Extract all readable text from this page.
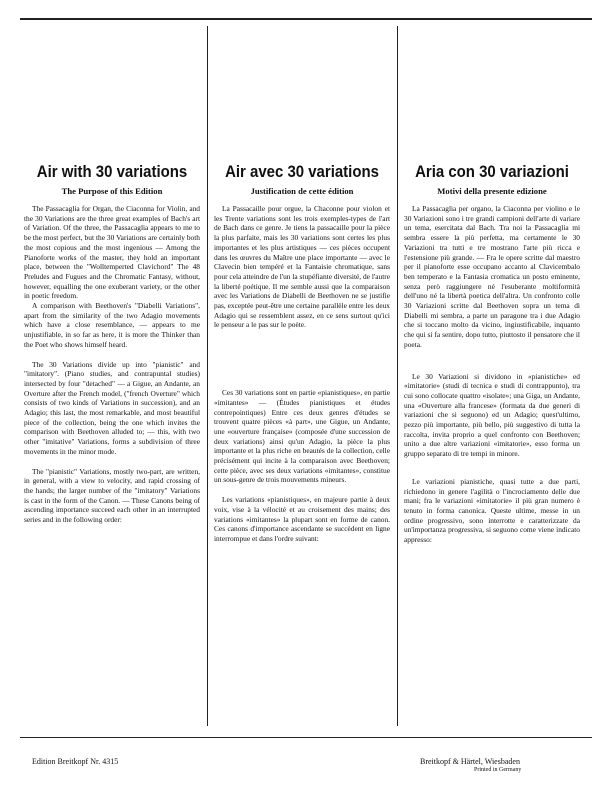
Air with 30 variations
The Purpose of this Edition

The Passacaglia for Organ, the Ciaconna for Violin, and the 30 Variations are the three great examples of Bach's art of Variation. Of the three, the Passacaglia appears to me to be the most perfect, but the 30 Variations are certainly both the most copious and the most ingenious — Among the Pianoforte works of the master, they hold an important place, between the "Wolltemperted Clavichord" The 48 Preludes and Fugues and the Chromatic Fantasy, without, however, equalling the one exuberant variety, or the other in poetic freedom.

A comparison with Beethoven's "Diabelli Variations", apart from the similarity of the two Adagio movements which have a close resemblance, — appears to me unjustifiable, in so far as here, it is more the Thinker than the Poet who shows himself heard.

The 30 Variations divide up into "pianistic" and "imitatory". (Piano studies, and contrapuntal studies) intersected by four "detached" — a Gigue, an Andante, an Overture after the French model, ("french Overture" which consists of two kinds of Variations in succession), and an Adagio; this last, the most remarkable, and most beautiful piece of the collection, being the one which invites the comparison with Beethoven alluded to; — this, with two other "imitative" Variations, forms a subdivision of three movements in the minor mode.

The "pianistic" Variations, mostly two-part, are written, in general, with a view to velocity, and rapid crossing of the hands; the larger number of the "imitatory" Variations is cast in the form of the Canon. — These Canons being of ascending importance succeed each other in an interrupted series and in the following order:

Air avec 30 variations
Justification de cette édition

La Passacaille pour orgue, la Chaconne pour violon et les Trente variations sont les trois exemples-types de l'art de Bach dans ce genre. Je tiens la passacaille pour la pièce la plus parfaite, mais les 30 variations sont certes les plus importantes et les plus artistiques — ces pièces occupent dans les œuvres du Maître une place importante — avec le Clavecin bien tempéré et la Fantaisie chromatique, sans pour cela atteindre de l'un la stupéfiante diversité, de l'autre la liberté poétique. Il me semble aussi que la comparaison avec les Variations de Diabelli de Beethoven ne se justifie pas, exceptée peut-être une certaine parallèle entre les deux Adagio qui se ressemblent assez, en ce sens surtout qu'ici le penseur a le pas sur le poète.

Ces 30 variations sont en partie «pianistiques», en partie «imitantes» — (Études pianistiques et études contrepointiques) Entre ces deux genres d'études se trouvent quatre pièces «à part», une Gigue, un Andante, une «ouverture française» (composée d'une succession de deux variations) ainsi qu'un Adagio, la pièce la plus importante et la plus riche en beautés de la collection, celle précisément qui incite à la comparaison avec Beethoven; cette pièce, avec ses deux variations «imitantes», constitue un sous-genre de trois mouvements mineurs.

Les variations «pianistiques», en majeure partie à deux voix, vise à la vélocité et au croisement des mains; des variations «imitantes» la plupart sont en forme de canon. Ces canons d'importance ascendante se succèdent en ligne interrompue et dans l'ordre suivant:

Aria con 30 variazioni
Motivi della presente edizione

La Passacaglia per organo, la Ciaconna per violino e le 30 Variazioni sono i tre grandi campioni dell'arte di variare un tema, esercitata dal Bach. Tra noi la Passacaglia mi sembra essere la più perfetta, ma certamente le 30 Variazioni tra tutti e tre mostrano l'arte più ricca e l'estensione più grande. — Fra le opere scritte dal maestro per il pianoforte esse occupano accanto al Clavicembalo ben temperato e la Fantasia cromatica un posto eminente, senza però raggiungere né l'esuberante moltiformità dell'uno né la libertà poetica dell'altra. Un confronto colle 30 Variazioni scritte dal Beethoven sopra un tema di Diabelli mi sembra, a parte un paragone tra i due Adagio che si toccano molto da vicino, ingiustificabile, inquanto che qui si fa sentire, dopo tutto, piuttosto il pensatore che il poeta.

Le 30 Variazioni si dividono in «pianistiche» ed «imitatorie» (studi di tecnica e studi di contrappunto), tra cui sono collocate quattro «isolate»; una Giga, un Andante, una «Ouverture alla francese» (formata da due generi di variazioni che si seguono) ed un Adagio; quest'ultimo, pezzo più importante, più bello, più suggestivo di tutta la raccolta, invita proprio a quel confronto con Beethoven; unito a due altre variazioni «imitatorie», esso forma un gruppo separato di tre tempi in minore.

Le variazioni pianistiche, quasi tutte a due parti, richiedono in genere l'agilità o l'incrociamento delle due mani; fra le variazioni «imitatorie» il più gran numero è tenuto in forma canonica. Queste ultime, messe in un ordine progressivo, sono interrotte e caratterizzate da un'importanza progressiva, si seguono come viene indicato appresso:

Edition Breitkopf Nr. 4315	Breitkopf & Härtel, Wiesbaden
Printed in Germany
